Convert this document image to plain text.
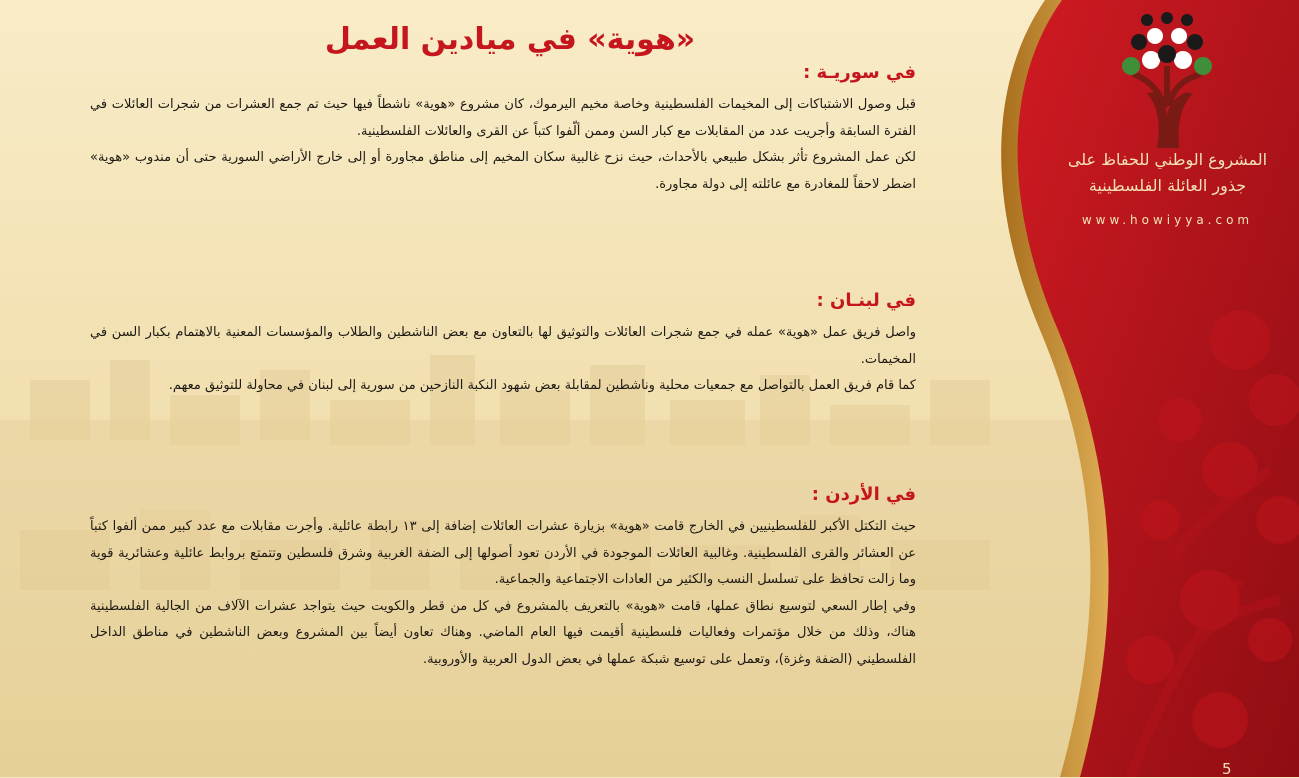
المشروع الوطني للحفاظ على
جذور العائلة الفلسطينية
www.howiyya.com
«هوية» في ميادين العمل
في سوريـة :

قبل وصول الاشتباكات إلى المخيمات الفلسطينية وخاصة مخيم اليرموك، كان مشروع «هوية» ناشطاً فيها حيث تم جمع العشرات من شجرات العائلات في الفترة السابقة وأجريت عدد من المقابلات مع كبار السن وممن ألّفوا كتباً عن القرى والعائلات الفلسطينية.

لكن عمل المشروع تأثر بشكل طبيعي بالأحداث، حيث نزح غالبية سكان المخيم إلى مناطق مجاورة أو إلى خارج الأراضي السورية حتى أن مندوب «هوية» اضطر لاحقاً للمغادرة مع عائلته إلى دولة مجاورة.

في لبنـان :

واصل فريق عمل «هوية» عمله في جمع شجرات العائلات والتوثيق لها بالتعاون مع بعض الناشطين والطلاب والمؤسسات المعنية بالاهتمام بكبار السن في المخيمات.

كما قام فريق العمل بالتواصل مع جمعيات محلية وناشطين لمقابلة بعض شهود النكبة النازحين من سورية إلى لبنان في محاولة للتوثيق معهم.

في الأردن :

حيث التكتل الأكبر للفلسطينيين في الخارج قامت «هوية» بزيارة عشرات العائلات إضافة إلى ١٣ رابطة عائلية. وأجرت مقابلات مع عدد كبير ممن ألفوا كتباً عن العشائر والقرى الفلسطينية. وغالبية العائلات الموجودة في الأردن تعود أصولها إلى الضفة الغربية وشرق فلسطين وتتمتع بروابط عائلية وعشائرية قوية وما زالت تحافظ على تسلسل النسب والكثير من العادات الاجتماعية والجماعية.

وفي إطار السعي لتوسيع نطاق عملها، قامت «هوية» بالتعريف بالمشروع في كل من قطر والكويت حيث يتواجد عشرات الآلاف من الجالية الفلسطينية هناك، وذلك من خلال مؤتمرات وفعاليات فلسطينية أقيمت فيها العام الماضي. وهناك تعاون أيضاً بين المشروع وبعض الناشطين في مناطق الداخل الفلسطيني (الضفة وغزة)، وتعمل على توسيع شبكة عملها في بعض الدول العربية والأوروبية.

5
